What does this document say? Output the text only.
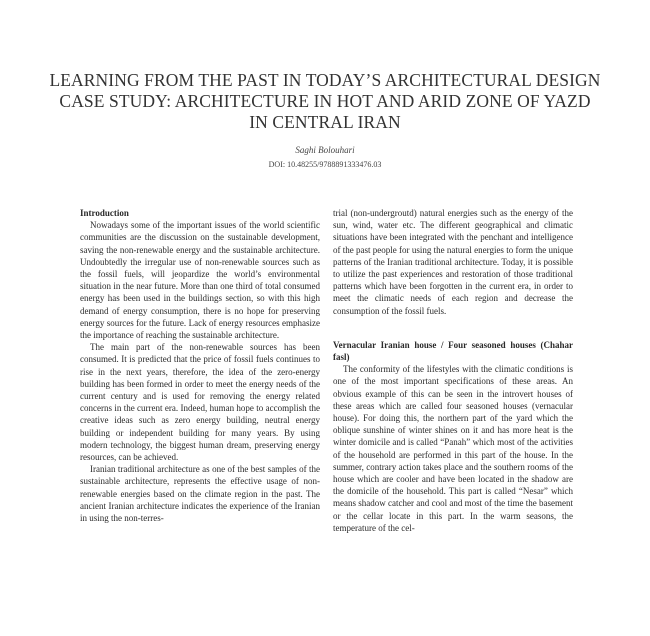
LEARNING FROM THE PAST IN TODAY’S ARCHITECTURAL DESIGN
CASE STUDY: ARCHITECTURE IN HOT AND ARID ZONE OF YAZD
IN CENTRAL IRAN
Saghi Bolouhari
DOI: 10.48255/9788891333476.03
Introduction

Nowadays some of the important issues of the world scientific communities are the discussion on the sustainable development, saving the non-renewable energy and the sustainable architecture. Undoubtedly the irregular use of non-renewable sources such as the fossil fuels, will jeopardize the world’s environmental situation in the near future. More than one third of total consumed energy has been used in the buildings section, so with this high demand of energy consumption, there is no hope for preserving energy sources for the future. Lack of energy resources emphasize the importance of reaching the sustainable architecture.

The main part of the non-renewable sources has been consumed. It is predicted that the price of fossil fuels continues to rise in the next years, therefore, the idea of the zero-energy building has been formed in order to meet the energy needs of the current century and is used for removing the energy related concerns in the current era. Indeed, human hope to accomplish the creative ideas such as zero energy building, neutral energy building or independent building for many years. By using modern technology, the biggest human dream, preserving energy resources, can be achieved.

Iranian traditional architecture as one of the best samples of the sustainable architecture, represents the effective usage of non-renewable energies based on the climate region in the past. The ancient Iranian architecture indicates the experience of the Iranian in using the non-terres-

trial (non-undergroutd) natural energies such as the energy of the sun, wind, water etc. The different geographical and climatic situations have been integrated with the penchant and intelligence of the past people for using the natural energies to form the unique patterns of the Iranian traditional architecture. Today, it is possible to utilize the past experiences and restoration of those traditional patterns which have been forgotten in the current era, in order to meet the climatic needs of each region and decrease the consumption of the fossil fuels.

Vernacular Iranian house / Four seasoned houses (Chahar fasl)

The conformity of the lifestyles with the climatic conditions is one of the most important specifications of these areas. An obvious example of this can be seen in the introvert houses of these areas which are called four seasoned houses (vernacular house). For doing this, the northern part of the yard which the oblique sunshine of winter shines on it and has more heat is the winter domicile and is called “Panah” which most of the activities of the household are performed in this part of the house. In the summer, contrary action takes place and the southern rooms of the house which are cooler and have been located in the shadow are the domicile of the household. This part is called “Nesar” which means shadow catcher and cool and most of the time the basement or the cellar locate in this part. In the warm seasons, the temperature of the cel-
